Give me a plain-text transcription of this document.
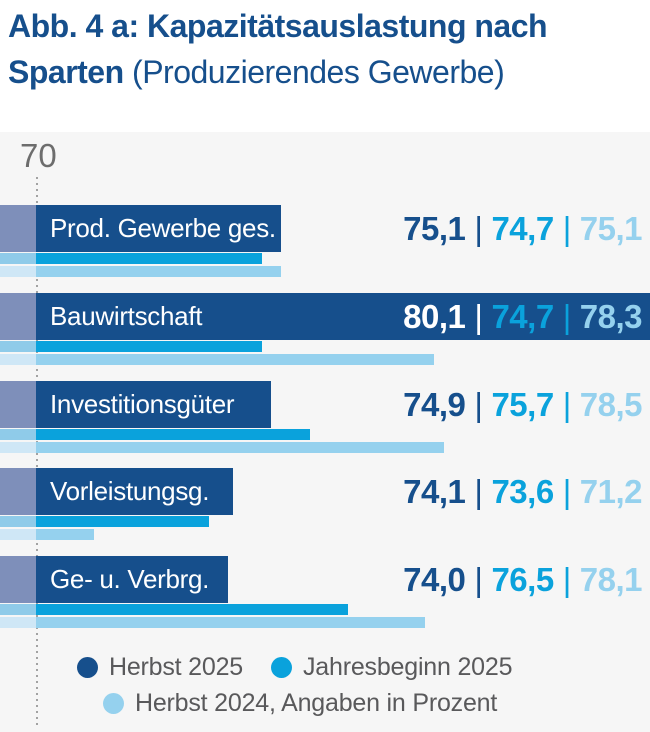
Abb. 4 a: Kapazitätsauslastung nach
Sparten (Produzierendes Gewerbe)
70
Prod. Gewerbe ges.	75,1 | 74,7 | 75,1
Bauwirtschaft	80,1 | 74,7 | 78,3
Investitionsgüter	74,9 | 75,7 | 78,5
Vorleistungsg.	74,1 | 73,6 | 71,2
Ge- u. Verbrg.	74,0 | 76,5 | 78,1
Herbst 2025 Jahresbeginn 2025
Herbst 2024, Angaben in Prozent
